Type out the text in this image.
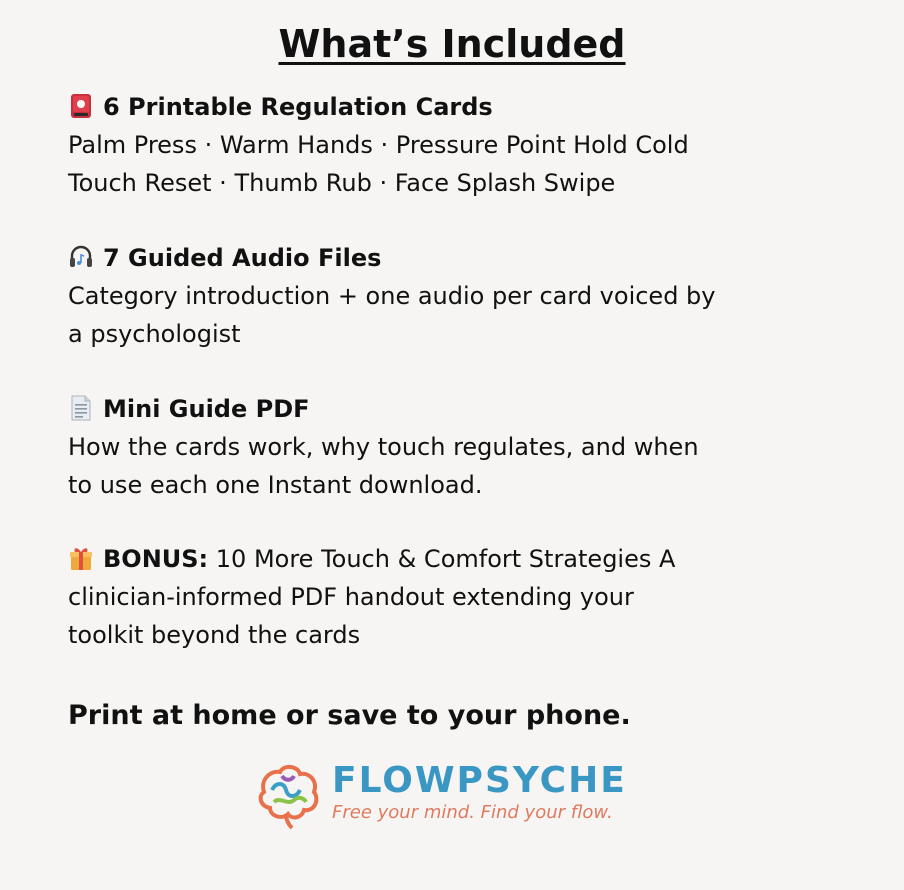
What’s Included
6 Printable Regulation Cards
Palm Press · Warm Hands · Pressure Point Hold Cold
Touch Reset · Thumb Rub · Face Splash Swipe
7 Guided Audio Files
Category introduction + one audio per card voiced by
a psychologist
Mini Guide PDF
How the cards work, why touch regulates, and when
to use each one Instant download.
BONUS: 10 More Touch & Comfort Strategies A
clinician-informed PDF handout extending your
toolkit beyond the cards
Print at home or save to your phone.
FLOWPSYCHE
Free your mind. Find your flow.
